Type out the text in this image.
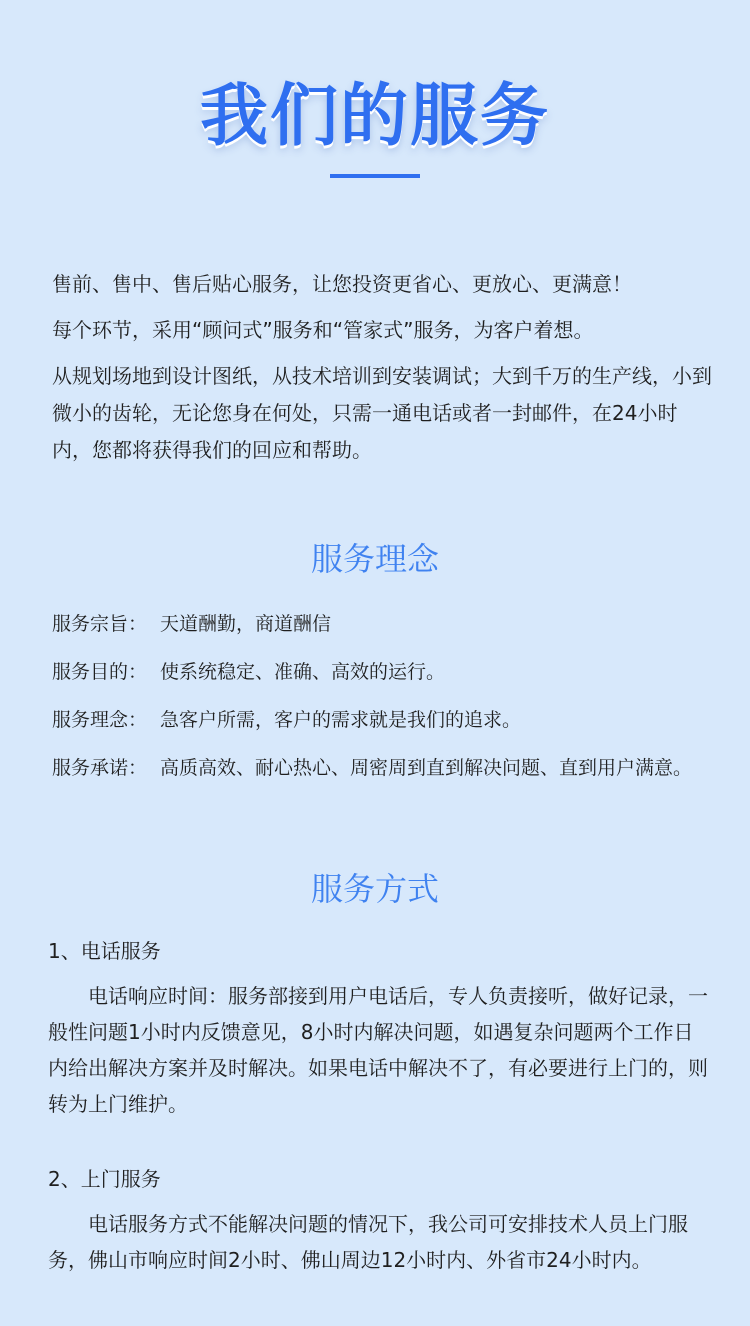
我们的服务

售前、售中、售后贴心服务，让您投资更省心、更放心、更满意！

每个环节，采用“顾问式”服务和“管家式”服务，为客户着想。

从规划场地到设计图纸，从技术培训到安装调试；大到千万的生产线，小到微小的齿轮，无论您身在何处，只需一通电话或者一封邮件，在24小时内，您都将获得我们的回应和帮助。

服务理念
服务宗旨： 天道酬勤，商道酬信
服务目的： 使系统稳定、准确、高效的运行。
服务理念： 急客户所需，客户的需求就是我们的追求。
服务承诺： 高质高效、耐心热心、周密周到直到解决问题、直到用户满意。
服务方式
1、电话服务

电话响应时间：服务部接到用户电话后，专人负责接听，做好记录，一般性问题1小时内反馈意见，8小时内解决问题，如遇复杂问题两个工作日内给出解决方案并及时解决。如果电话中解决不了，有必要进行上门的，则转为上门维护。

2、上门服务

电话服务方式不能解决问题的情况下，我公司可安排技术人员上门服务，佛山市响应时间2小时、佛山周边12小时内、外省市24小时内。
